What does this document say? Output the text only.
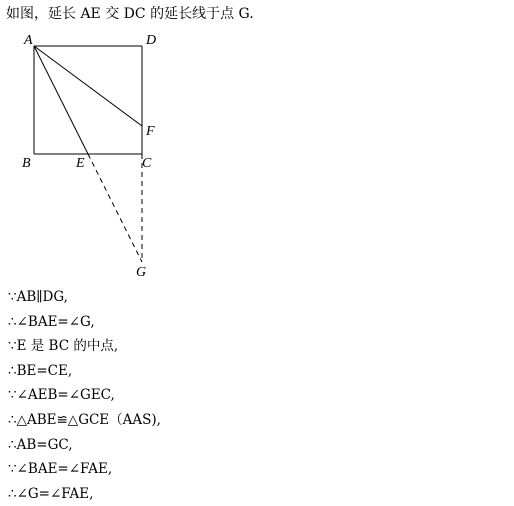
如图，延长 AE 交 DC 的延长线于点 G.
A	D
F
B	E	C
G
∵AB∥DG,
∴∠BAE=∠G,
∵E 是 BC 的中点,
∴BE=CE,
∵∠AEB=∠GEC,
∴△ABE≌△GCE（AAS),
∴AB=GC,
∵∠BAE=∠FAE,
∴∠G=∠FAE,
